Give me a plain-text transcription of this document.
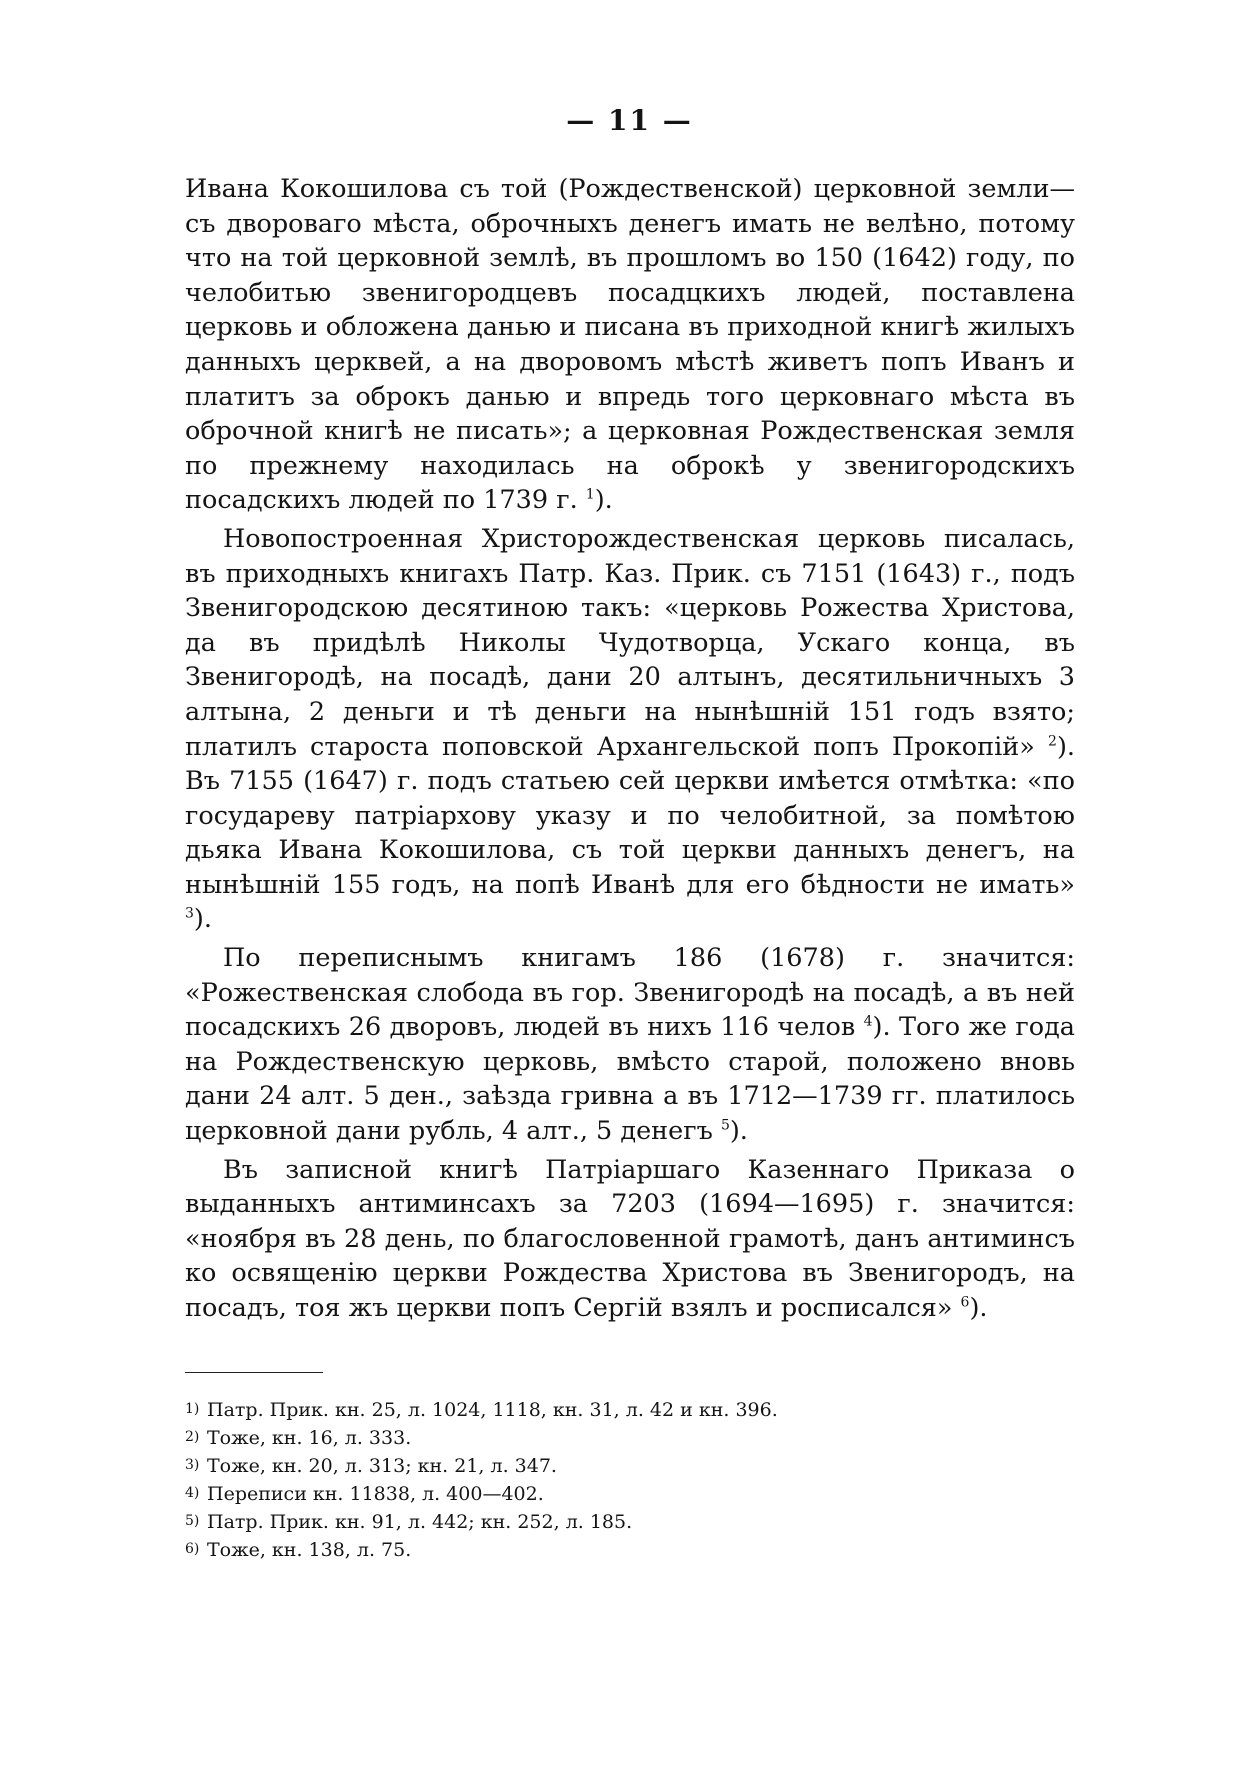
— 11 —

Ивана Кокошилова съ той (Рождественской) церковной земли—съ двороваго мѣста, оброчныхъ денегъ имать не велѣно, потому что на той церковной землѣ, въ прошломъ во 150 (1642) году, по челобитью звенигородцевъ посадцкихъ людей, поставлена церковь и обложена данью и писана въ приходной книгѣ жилыхъ данныхъ церквей, а на дворовомъ мѣстѣ живетъ попъ Иванъ и платитъ за оброкъ данью и впредь того церковнаго мѣста въ оброчной книгѣ не писать»; а церковная Рождественская земля по прежнему находилась на оброкѣ у звенигородскихъ посадскихъ людей по 1739 г. $^1$).

Новопостроенная Христорождественская церковь писалась, въ приходныхъ книгахъ Патр. Каз. Прик. съ 7151 (1643) г., подъ Звенигородскою десятиною такъ: «церковь Рожества Христова, да въ придѣлѣ Николы Чудотворца, Ускаго конца, въ Звенигородѣ, на посадѣ, дани 20 алтынъ, десятильничныхъ 3 алтына, 2 деньги и тѣ деньги на нынѣшній 151 годъ взято; платилъ староста поповской Архангельской попъ Прокопій» $^2$). Въ 7155 (1647) г. подъ статьею сей церкви имѣется отмѣтка: «по государеву патріархову указу и по челобитной, за помѣтою дьяка Ивана Кокошилова, съ той церкви данныхъ денегъ, на нынѣшній 155 годъ, на попѣ Иванѣ для его бѣдности не имать» $^3$).

По переписнымъ книгамъ 186 (1678) г. значится: «Рожественская слобода въ гор. Звенигородѣ на посадѣ, а въ ней посадскихъ 26 дворовъ, людей въ нихъ 116 челов $^4$). Того же года на Рождественскую церковь, вмѣсто старой, положено вновь дани 24 алт. 5 ден., заѣзда гривна а въ 1712—1739 гг. платилось церковной дани рубль, 4 алт., 5 денегъ $^5$).

Въ записной книгѣ Патріаршаго Казеннаго Приказа о выданныхъ антиминсахъ за 7203 (1694—1695) г. значится: «ноября въ 28 день, по благословенной грамотѣ, данъ антиминсъ ко освященію церкви Рождества Христова въ Звенигородъ, на посадъ, тоя жъ церкви попъ Сергій взялъ и росписался» $^6$).

1) Патр. Прик. кн. 25, л. 1024, 1118, кн. 31, л. 42 и кн. 396.
2) Тоже, кн. 16, л. 333.
3) Тоже, кн. 20, л. 313; кн. 21, л. 347.
4) Переписи кн. 11838, л. 400—402.
5) Патр. Прик. кн. 91, л. 442; кн. 252, л. 185.
6) Тоже, кн. 138, л. 75.
